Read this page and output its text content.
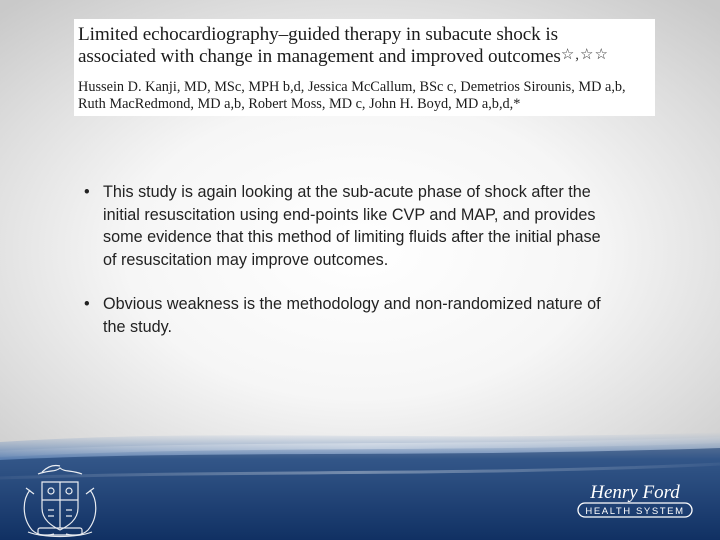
Limited echocardiography–guided therapy in subacute shock is
associated with change in management and improved outcomes☆,☆☆
Hussein D. Kanji, MD, MSc, MPH b,d, Jessica McCallum, BSc c, Demetrios Sirounis, MD a,b,
Ruth MacRedmond, MD a,b, Robert Moss, MD c, John H. Boyd, MD a,b,d,*

• This study is again looking at the sub-acute phase of shock after the initial resuscitation using end-points like CVP and MAP, and provides some evidence that this method of limiting fluids after the initial phase of resuscitation may improve outcomes.

• Obvious weakness is the methodology and non-randomized nature of the study.

Henry Ford
HEALTH SYSTEM
